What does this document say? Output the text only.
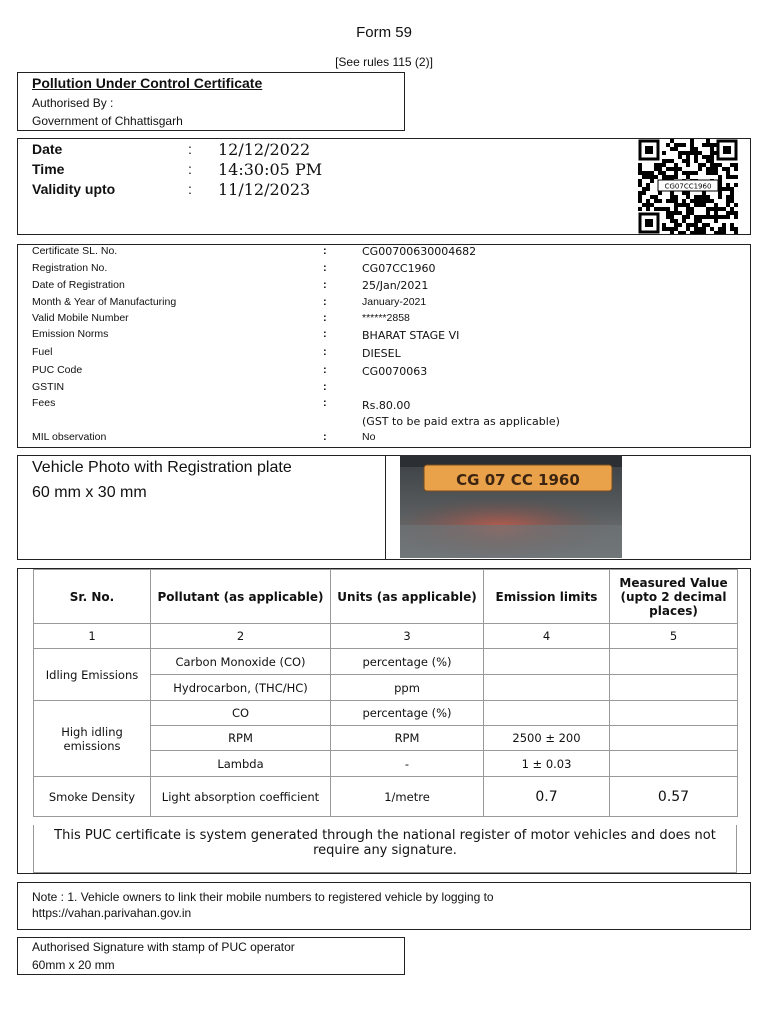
Form 59
[See rules 115 (2)]
Pollution Under Control Certificate
Authorised By :
Government of Chhattisgarh
Date	: 12/12/2022
Time	: 14:30:05 PM
Validity upto	: 11/12/2023	CG07CC1960
Certificate SL. No.	:	CG00700630004682
Registration No.	:	CG07CC1960
Date of Registration	:	25/Jan/2021
Month & Year of Manufacturing	:	January-2021
Valid Mobile Number	:	******2858
Emission Norms	:	BHARAT STAGE VI
Fuel	:	DIESEL
PUC Code	:	CG0070063
GSTIN	:
Fees	:	Rs.80.00
(GST to be paid extra as applicable)
MIL observation	:	No
Vehicle Photo with Registration plate
60 mm x 30 mm
CG 07 CC 1960
Sr. No.	Pollutant (as applicable)	Units (as applicable)	Emission limits	Measured Value (upto 2 decimal places)
1	2	3	4	5
Idling Emissions	Carbon Monoxide (CO)	percentage (%)		
	Hydrocarbon, (THC/HC)	ppm		
High idling emissions	CO	percentage (%)		
	RPM	RPM	2500 ± 200	
	Lambda	-	1 ± 0.03	
Smoke Density	Light absorption coefficient	1/metre	0.7	0.57
This PUC certificate is system generated through the national register of motor vehicles and does not require any signature.
Note : 1. Vehicle owners to link their mobile numbers to registered vehicle by logging to
https://vahan.parivahan.gov.in
Authorised Signature with stamp of PUC operator
60mm x 20 mm
